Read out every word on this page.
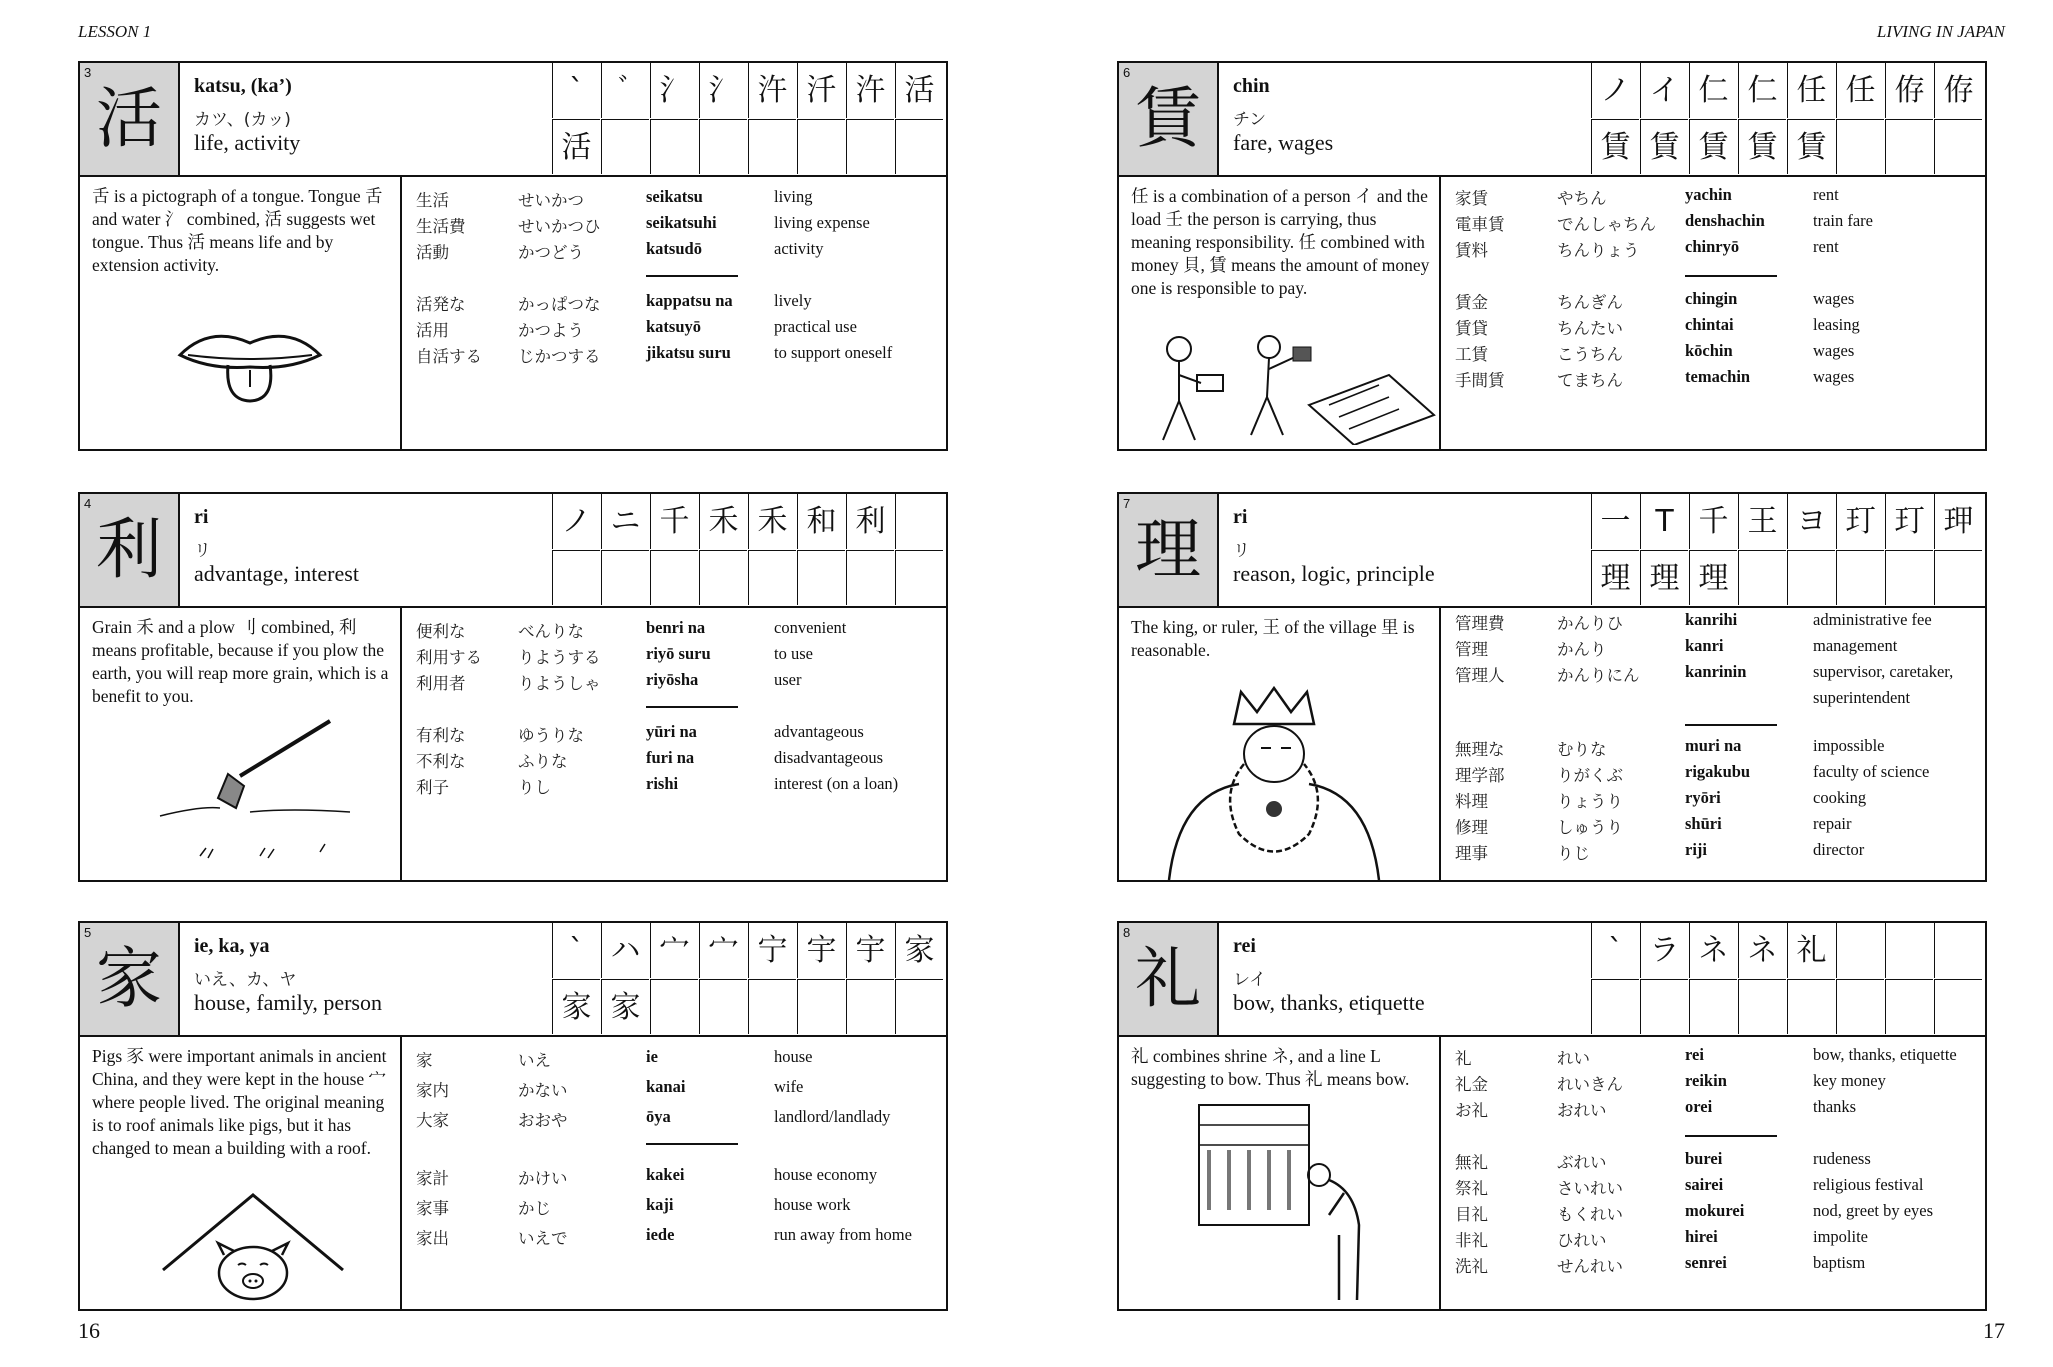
LESSON 1	LIVING IN JAPAN
3
活	katsu, (ka’)
カツ、(カッ)
life, activity
`	ﾞ 氵 氵 汻 汘 汻 活
活

舌 is a pictograph of a tongue. Tongue 舌 and water 氵 combined, 活 suggests wet tongue. Thus 活 means life and by extension activity.

生活	せいかつ	seikatsu	living
生活費	せいかつひ	seikatsuhi	living expense
活動	かつどう	katsudō	activity
活発な	かっぱつな	kappatsu na	lively
活用	かつよう	katsuyō	practical use
自活する じかつする	jikatsu suru	to support oneself
4
利	ri
リ
advantage, interest
ノ ニ 千 禾 禾 和 利

Grain 禾 and a plow 刂 combined, 利 means profitable, because if you plow the earth, you will reap more grain, which is a benefit to you.

便利な	べんりな	benri na	convenient
利用する りようする	riyō suru	to use
利用者	りようしゃ	riyōsha	user
有利な	ゆうりな	yūri na	advantageous
不利な	ふりな	furi na	disadvantageous
利子	りし	rishi	interest (on a loan)
5
家	ie, ka, ya
いえ、カ、ヤ
house, family, person
` ハ 宀 宀 宁 宇 宇 家
家 家

Pigs 豕 were important animals in ancient China, and they were kept in the house 宀 where people lived. The original meaning is to roof animals like pigs, but it has changed to mean a building with a roof.

家	いえ	ie	house
家内	かない	kanai	wife
大家	おおや	ōya	landlord/landlady
家計	かけい	kakei	house economy
家事	かじ	kaji	house work
家出	いえで	iede	run away from home
6
賃	chin
チン
fare, wages
ノ イ 仁 仁 任 任 侟 侟
賃 賃 賃 賃 賃

任 is a combination of a person イ and the load 壬 the person is carrying, thus meaning responsibility. 任 combined with money 貝, 賃 means the amount of money one is responsible to pay.

家賃	やちん	yachin	rent
電車賃	でんしゃちん denshachin	train fare
賃料	ちんりょう	chinryō	rent
賃金	ちんぎん	chingin	wages
賃貸	ちんたい	chintai	leasing
工賃	こうちん	kōchin	wages
手間賃	てまちん	temachin	wages
7
理	ri
リ
reason, logic, principle
一 T 千 王 ヨ 玎 玎 玾
理 理 理

The king, or ruler, 王 of the village 里 is reasonable.

管理費	かんりひ	kanrihi	administrative fee
管理	かんり	kanri	management
管理人	かんりにん	kanrinin	supervisor, caretaker,
superintendent
無理な	むりな	muri na	impossible
理学部	りがくぶ	rigakubu	faculty of science
料理	りょうり	ryōri	cooking
修理	しゅうり	shūri	repair
理事	りじ	riji	director
8
礼	rei
レイ
bow, thanks, etiquette
` ラ ネ ネ 礼

礼 combines shrine ネ, and a line L suggesting to bow. Thus 礼 means bow.

礼	れい	rei	bow, thanks, etiquette
礼金	れいきん	reikin	key money
お礼	おれい	orei	thanks
無礼	ぶれい	burei	rudeness
祭礼	さいれい	sairei	religious festival
目礼	もくれい	mokurei	nod, greet by eyes
非礼	ひれい	hirei	impolite
洗礼	せんれい	senrei	baptism
16	17
